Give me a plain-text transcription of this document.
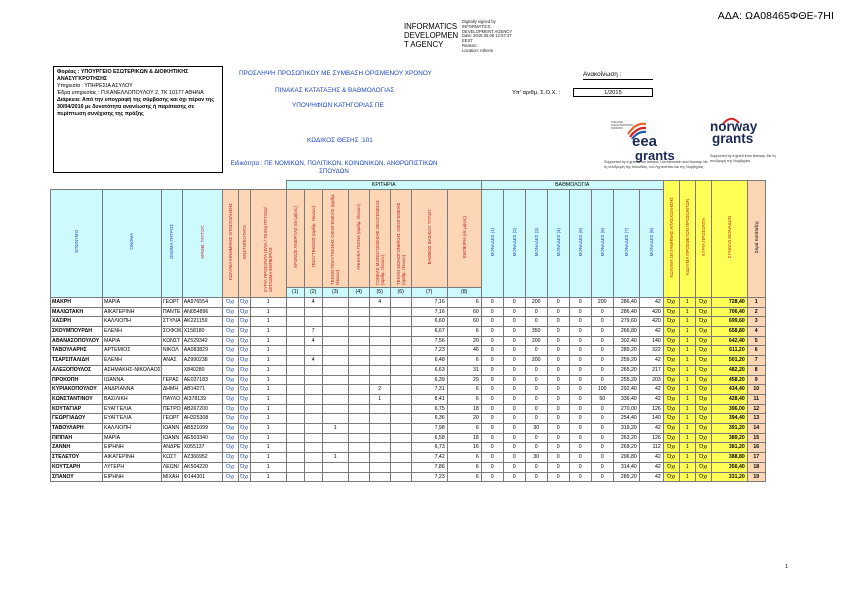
ΑΔΑ: ΩΑ08465ΦΘΕ-7ΗΙ
INFORMATICS
DEVELOPMEN
T AGENCY
Digitally signed by
INFORMATICS
DEVELOPMENT AGENCY
Date: 2016.05.06 12:57:47
EEST
Reason:
Location: Athens
Φορέας : ΥΠΟΥΡΓΕΙΟ ΕΣΩΤΕΡΙΚΩΝ & ΔΙΟΙΚΗΤΙΚΗΣ ΑΝΑΣΥΓΚΡΟΤΗΣΗΣ
Υπηρεσία : ΥΠΗΡΕΣΙΑ ΑΣΥΛΟΥ
Έδρα υπηρεσίας : Π.ΚΑΝΕΛΛΟΠΟΥΛΟΥ 2, ΤΚ 10177 ΑΘΗΝΑ
Διάρκεια: Από την υπογραφή της σύμβασης και όχι πέραν της 30/04/2016 με δυνατότητα ανανέωσης ή παράτασης σε περίπτωση συνέχισης της πράξης
ΠΡΟΣΛΗΨΗ ΠΡΟΣΩΠΙΚΟΥ ΜΕ ΣΥΜΒΑΣΗ ΟΡΙΣΜΕΝΟΥ ΧΡΟΝΟΥ
ΠΙΝΑΚΑΣ ΚΑΤΑΤΑΞΗΣ & ΒΑΘΜΟΛΟΓΙΑΣ
ΥΠΟΨΗΦΙΩΝ ΚΑΤΗΓΟΡΙΑΣ ΠΕ
ΚΩΔΙΚΟΣ ΘΕΣΗΣ :101
Ειδικότητα : ΠΕ ΝΟΜΙΚΩΝ, ΠΟΛΙΤΙΚΩΝ, ΚΟΙΝΩΝΙΚΩΝ, ΑΝΘΡΩΠΙΣΤΙΚΩΝ ΣΠΟΥΔΩΝ
Ανακοίνωση :
Υπ' αριθμ. Σ.Ο.Χ. :	1/2015
ICELAND LIECHTENSTEIN NORWAY
eea
grants
norway
grants
Supported by a grant from Iceland, Liechtenstein and Norway. Με τη συνδρομή της Ισλανδίας, του Λιχτενστάιν και της Νορβηγίας
Supported by a grant from Norway. Με τη συνδρομή της Νορβηγίας
							ΚΡΙΤΗΡΙΑ								ΒΑΘΜΟΛΟΓΙΑ								ΚΩΛΥΜΑ ΟΚΤΑΜΗΝΗΣ ΑΠΑΣΧΟΛΗΣΗΣ	ΚΩΛΥΜΑ ΠΡΟΣΘΕΤΩΝ ΠΡΟΣΟΝΤΩΝ	ΚΥΡΙΑ ΠΡΟΣΟΝΤΑ	ΣΥΝΟΛΟ ΜΟΝΑΔΩΝ	Σειρά Κατάταξης
ΕΠΩΝΥΜΟ	ΟΝΟΜΑ	ΟΝΟΜΑ ΠΑΤΡΟΣ	ΑΡΙΘΜ. ΤΑΥΤΟΤ.	ΚΩΛΥΜΑ ΚΙΝΗΜΙΚΗΣ ΑΠΑΣΧΟΛΗΣΗΣ	ΕΝΣΤΟΠΙΟΤΗΤΑ	ΚΥΡΙΑ ΠΡΟΣΟΝΤΑ (ΕΠΑ / ΤΕΧΝ) ΠΤΥΧΙΟ/ΔΙΠΛΩΜΑ ΕΜΠΕΙΡΙΑΣ	ΧΡΟΝΟΣ ΑΝΕΡΓΙΑΣ (σε μήνες)	ΠΟΛΥΤΕΚΝΟΣ (αριθμ. τέκνων)	ΤΕΚΝΟ ΠΟΛΥΤΕΚΝΗΣ ΟΙΚΟΓΕΝΕΙΑΣ (αριθμ. τέκνων)	ΑΝΗΛΙΚΑ ΤΕΚΝΑ (αριθμ. τέκνων)	ΓΟΝΕΑΣ ΜΟΝΟΓΟΝΕΪΚΗΣ ΟΙΚΟΓΕΝΕΙΑΣ (αριθμ. τέκνων)	ΤΕΚΝΟ ΜΟΝΟΓΟΝΕΪΚΗΣ ΟΙΚΟΓΕΝΕΙΑΣ (αριθμ. τέκνων)	ΒΑΘΜΟΣ ΒΑΣΙΚΟΥ ΤΙΤΛΟΥ	ΕΜΠΕΙΡΙΑ (σε μήνες)	ΜΟΝΑΔΕΣ (1)	ΜΟΝΑΔΕΣ (2)	ΜΟΝΑΔΕΣ (3)	ΜΟΝΑΔΕΣ (4)	ΜΟΝΑΔΕΣ (5)	ΜΟΝΑΔΕΣ (6)	ΜΟΝΑΔΕΣ (7)	ΜΟΝΑΔΕΣ (8)					
							(1)	(2)	(3)	(4)	(5)	(6)	(7)	(8)													
ΜΑΚΡΗ	ΜΑΡΙΑ	ΓΕΩΡΓ	ΑΑ976554	Όχι	Όχι	1		4			4		7,16	6	0	0	200	0	0	200	286,40	42	Όχι	1	Όχι	728,40	1
ΜΑΛΙΩΤΑΚΗ	ΑΙΚΑΤΕΡΙΝΗ	ΠΑΝΤΕ	ΑΝ054896	Όχι	Όχι	1							7,16	60	0	0	0	0	0	0	286,40	420	Όχι	1	Όχι	706,40	2
ΧΑΣΙΡΗ	ΚΑΛΛΙΟΠΗ	ΣΤΥΛΙΑ	ΑΚ221159	Όχι	Όχι	1							6,60	60	0	0	0	0	0	0	279,60	420	Όχι	1	Όχι	699,60	3
ΣΚΟΥΜΠΟΥΡΔΗ	ΕΛΕΝΗ	ΣΟΦΟΚ	Χ158180	Όχι	Όχι	1		7					6,67	6	0	0	350	0	0	0	266,80	42	Όχι	1	Όχι	658,80	4
ΑΘΑΝΑΣΟΠΟΥΛΟΥ	ΜΑΡΙΑ	ΚΩΝΣΤ	ΑΖ529342	Όχι	Όχι	1		4					7,56	20	0	0	200	0	0	0	302,40	140	Όχι	1	Όχι	642,40	5
ΤΑΒΟΥΛΑΡΗΣ	ΑΡΤΕΜΙΟΣ	ΝΙΚΟΛ	ΑΑ083829	Όχι	Όχι	1							7,23	46	0	0	0	0	0	0	289,20	322	Όχι	1	Όχι	611,20	6
ΤΣΑΡΣΙΤΑΛΙΔΗ	ΕΛΕΝΗ	ΑΝΑΣ	ΑΖ990238	Όχι	Όχι	1		4					6,48	6	0	0	200	0	0	0	259,20	42	Όχι	1	Όχι	501,20	7
ΑΛΕΞΟΠΟΥΛΟΣ	ΑΣΗΜΑΚΗΣ-ΝΙΚΟΛΑΟΣ		Χ840280	Όχι	Όχι	1							6,63	31	0	0	0	0	0	0	265,20	217	Όχι	1	Όχι	482,20	8
ΠΡΟΚΟΠΗ	ΙΩΑΝΝΑ	ΓΕΡΑΣ	ΑΕ037183	Όχι	Όχι	1							6,39	29	0	0	0	0	0	0	255,20	203	Όχι	1	Όχι	458,20	9
ΚΥΡΙΑΚΟΠΟΥΛΟΥ	ΑΝΔΡΙΑΝΝΑ	ΔΗΜΗ	ΑΒ14271	Όχι	Όχι	1					2		7,31	6	0	0	0	0	0	100	292,40	42	Όχι	1	Όχι	434,40	10
ΚΩΝΣΤΑΝΤΙΝΟΥ	ΒΑΣΙΛΙΚΗ	ΠΑΥΛΟ	ΑΙ378139	Όχι	Όχι	1					1		8,41	6	0	0	0	0	0	50	336,40	42	Όχι	1	Όχι	428,40	11
ΚΟΥΤΑΓΙΑΡ	ΕΥΑΓΓΕΛΙΑ	ΠΕΤΡΟ	ΑΒ267200	Όχι	Όχι	1							6,75	18	0	0	0	0	0	0	270,00	126	Όχι	1	Όχι	396,00	12
ΓΕΩΡΓΙΑΔΟΥ	ΕΥΑΓΓΕΛΙΑ	ΓΕΩΡΓ	ΑΗ325308	Όχι	Όχι	1							6,36	20	0	0	0	0	0	0	254,40	140	Όχι	1	Όχι	394,40	13
ΤΑΒΟΥΛΑΡΗ	ΚΑΛΛΙΟΠΗ	ΙΩΑΝΝ	ΑΒ521099	Όχι	Όχι	1			1				7,98	6	0	0	30	0	0	0	319,20	42	Όχι	1	Όχι	391,20	14
ΠΙΠΠΑΗ	ΜΑΡΙΑ	ΙΩΑΝΝ	ΑΕ503340	Όχι	Όχι	1							6,58	18	0	0	0	0	0	0	263,20	126	Όχι	1	Όχι	389,20	15
ΖΑΝΝΗ	ΕΙΡΗΝΗ	ΑΝΔΡΕ	Χ055137	Όχι	Όχι	1							6,73	16	0	0	0	0	0	0	269,20	112	Όχι	1	Όχι	381,20	16
ΣΤΕΛΕΤΟΥ	ΑΙΚΑΤΕΡΙΝΗ	ΚΩΣΤ	ΑΖ366952	Όχι	Όχι	1			1				7,42	6	0	0	30	0	0	0	296,80	42	Όχι	1	Όχι	388,80	17
ΚΟΥΤΣΑΡΗ	ΛΥΓΕΡΗ	ΛΕΩΝΙ	ΑΚ504220	Όχι	Όχι	1							7,86	6	0	0	0	0	0	0	314,40	42	Όχι	1	Όχι	356,40	18
ΣΠΑΝΟΥ	ΕΙΡΗΝΗ	ΜΙΧΑΗ	Φ144301	Όχι	Όχι	1							7,23	6	0	0	0	0	0	0	289,20	42	Όχι	1	Όχι	331,20	19
1
